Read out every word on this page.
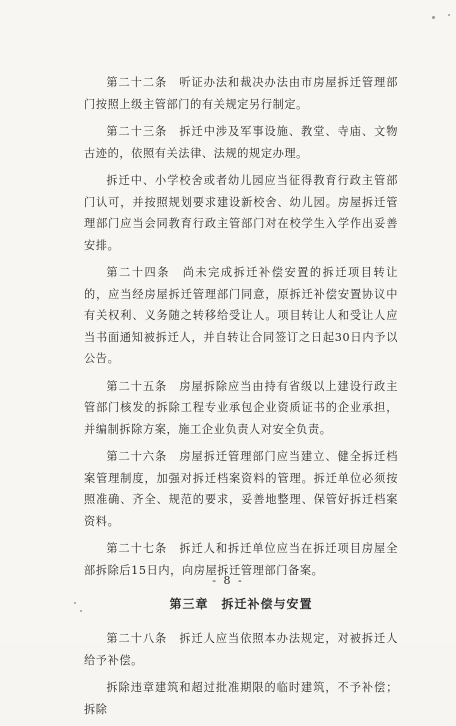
第二十二条　听证办法和裁决办法由市房屋拆迁管理部门按照上级主管部门的有关规定另行制定。

第二十三条　拆迁中涉及军事设施、教堂、寺庙、文物古迹的，依照有关法律、法规的规定办理。

拆迁中、小学校舍或者幼儿园应当征得教育行政主管部门认可，并按照规划要求建设新校舍、幼儿园。房屋拆迁管理部门应当会同教育行政主管部门对在校学生入学作出妥善安排。

第二十四条　尚未完成拆迁补偿安置的拆迁项目转让的，应当经房屋拆迁管理部门同意，原拆迁补偿安置协议中有关权利、义务随之转移给受让人。项目转让人和受让人应当书面通知被拆迁人，并自转让合同签订之日起30日内予以公告。

第二十五条　房屋拆除应当由持有省级以上建设行政主管部门核发的拆除工程专业承包企业资质证书的企业承担，并编制拆除方案，施工企业负责人对安全负责。

第二十六条　房屋拆迁管理部门应当建立、健全拆迁档案管理制度，加强对拆迁档案资料的管理。拆迁单位必须按照准确、齐全、规范的要求，妥善地整理、保管好拆迁档案资料。

第二十七条　拆迁人和拆迁单位应当在拆迁项目房屋全部拆除后15日内，向房屋拆迁管理部门备案。

第三章　拆迁补偿与安置

第二十八条　拆迁人应当依照本办法规定，对被拆迁人给予补偿。

拆除违章建筑和超过批准期限的临时建筑，不予补偿；拆除

- 8 -
